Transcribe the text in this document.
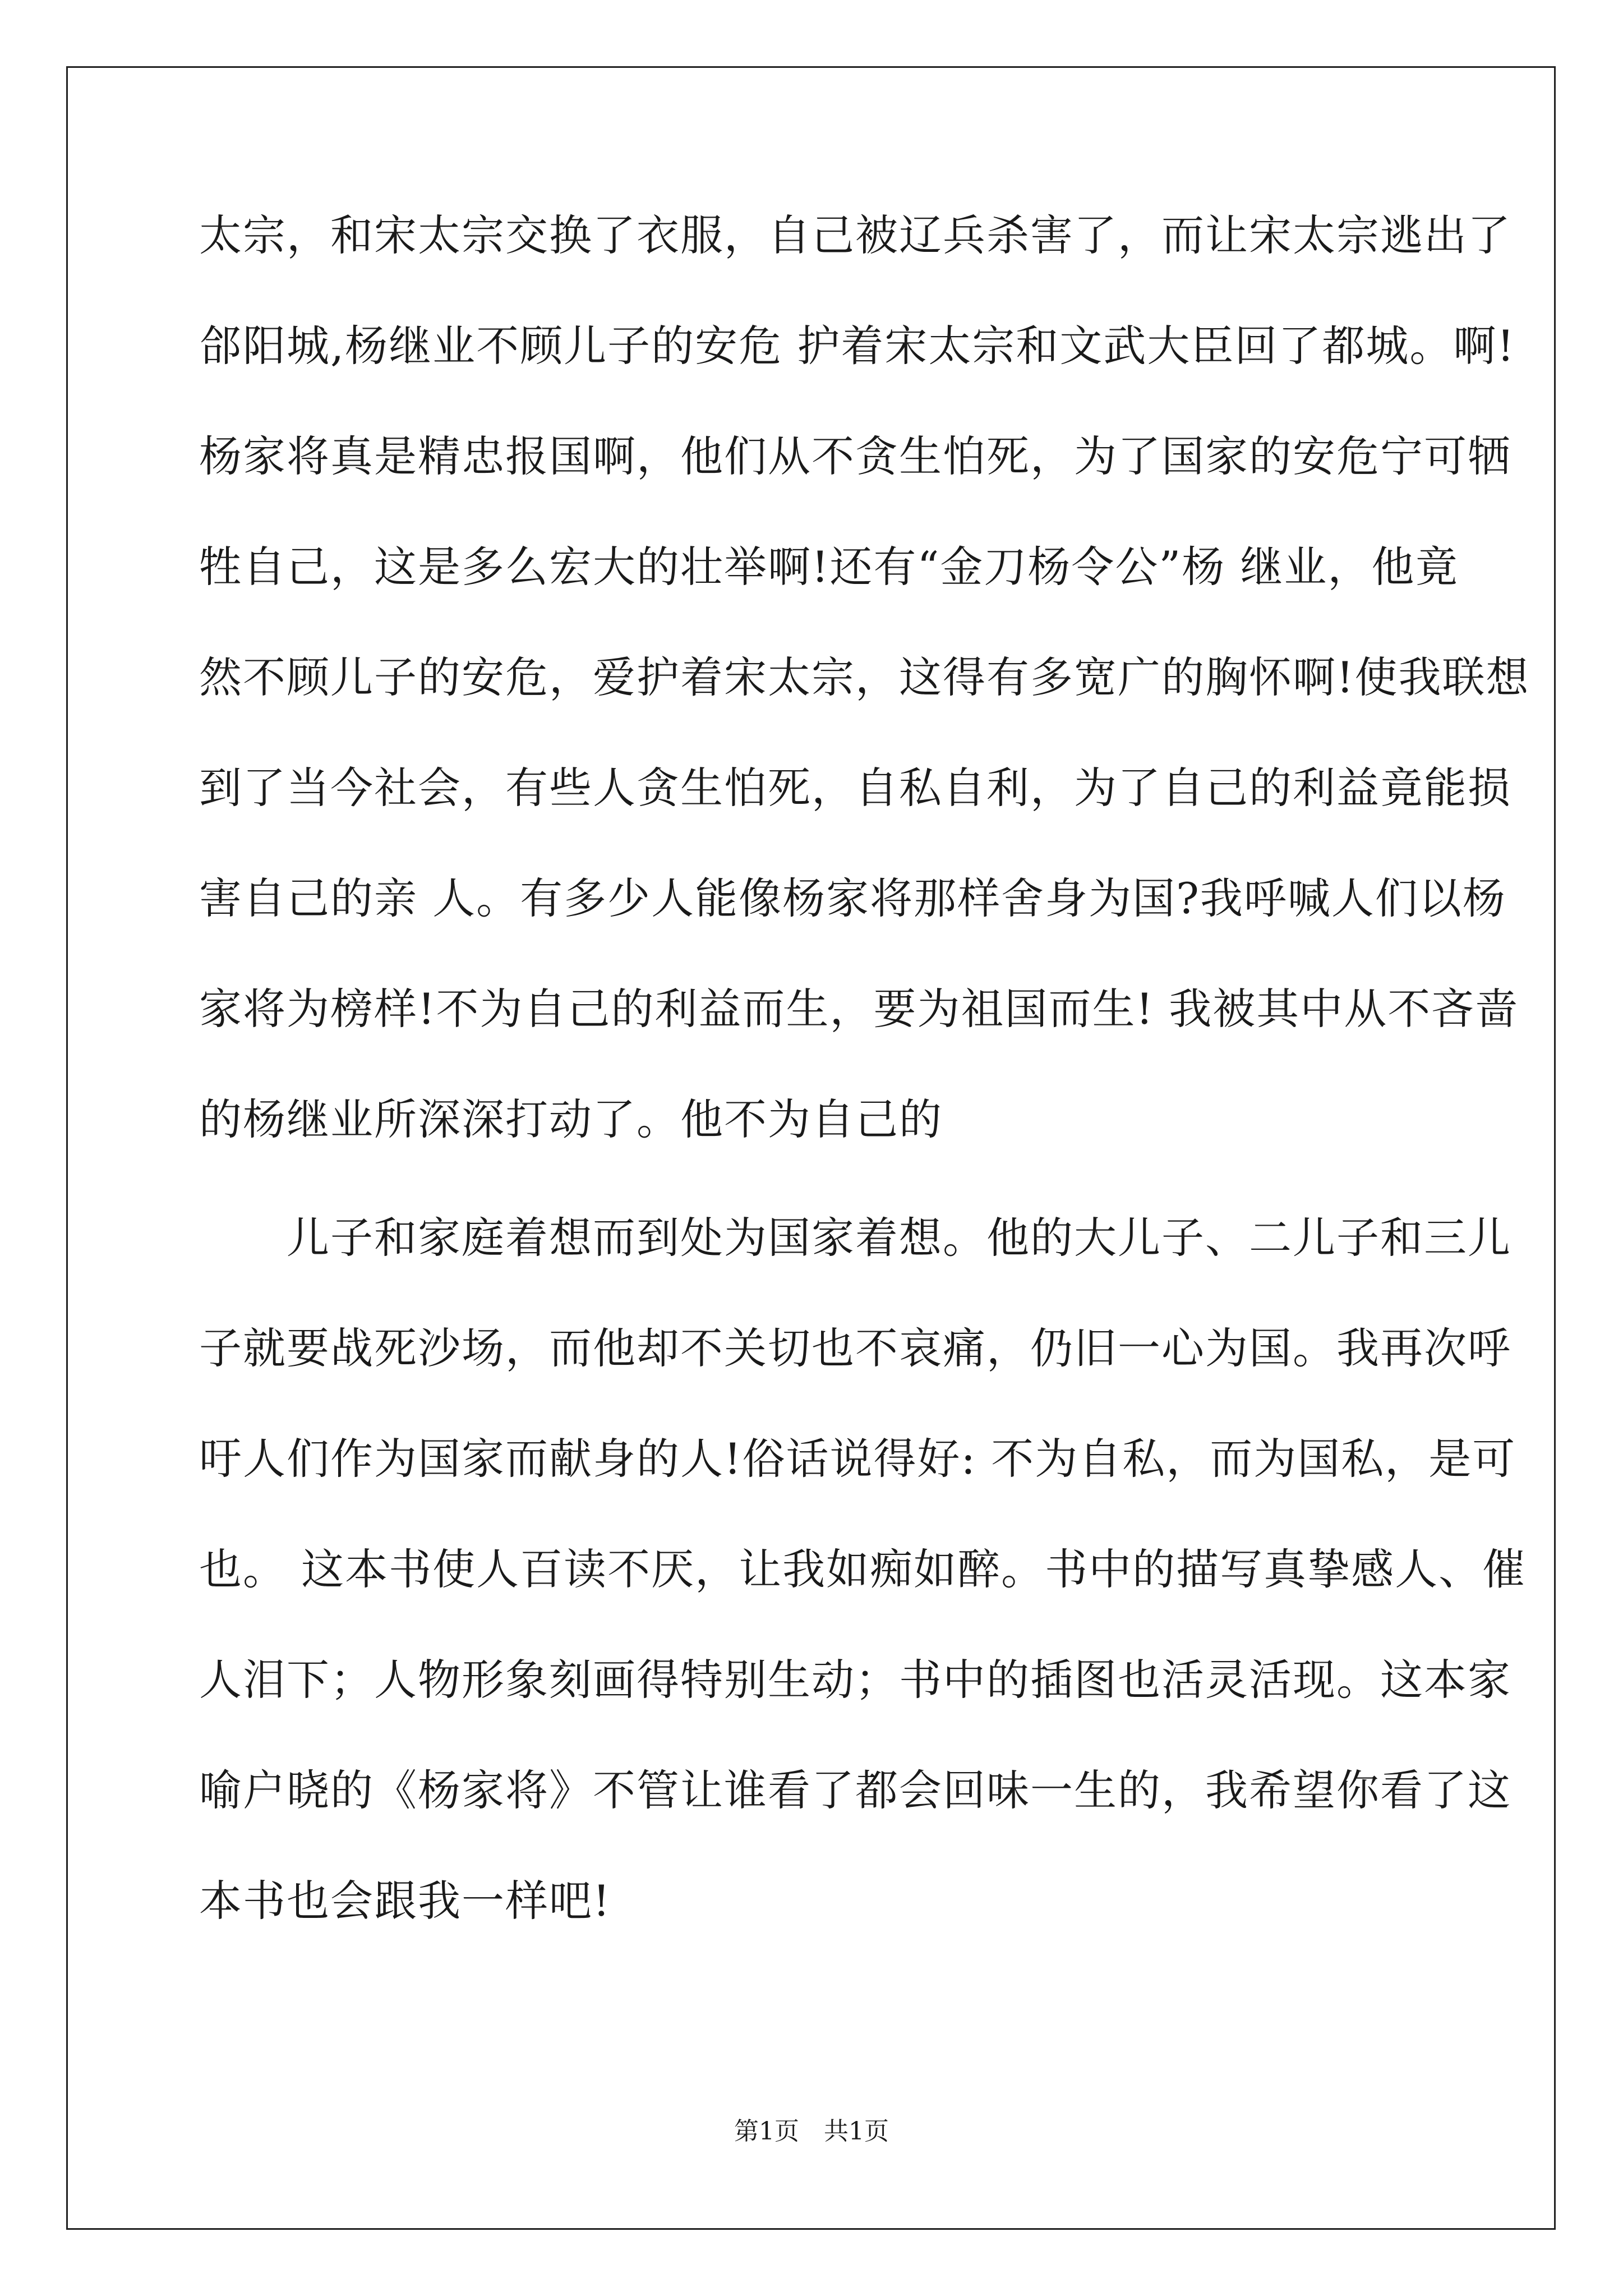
太宗，和宋太宗交换了衣服，自己被辽兵杀害了，而让宋太宗逃出了
郃阳城,杨继业不顾儿子的安危 护着宋太宗和文武大臣回了都城。啊!
杨家将真是精忠报国啊，他们从不贪生怕死，为了国家的安危宁可牺
牲自己，这是多么宏大的壮举啊!还有“金刀杨令公”杨 继业，他竟
然不顾儿子的安危，爱护着宋太宗，这得有多宽广的胸怀啊!使我联想
到了当今社会，有些人贪生怕死，自私自利，为了自己的利益竟能损
害自己的亲 人。有多少人能像杨家将那样舍身为国?我呼喊人们以杨
家将为榜样!不为自己的利益而生，要为祖国而生! 我被其中从不吝啬
的杨继业所深深打动了。他不为自己的
　　儿子和家庭着想而到处为国家着想。他的大儿子、二儿子和三儿
子就要战死沙场，而他却不关切也不哀痛，仍旧一心为国。我再次呼
吁人们作为国家而献身的人!俗话说得好: 不为自私，而为国私，是可
也。 这本书使人百读不厌，让我如痴如醉。书中的描写真挚感人、催
人泪下；人物形象刻画得特别生动；书中的插图也活灵活现。这本家
喻户晓的《杨家将》不管让谁看了都会回味一生的，我希望你看了这
本书也会跟我一样吧!
第1页　共1页
